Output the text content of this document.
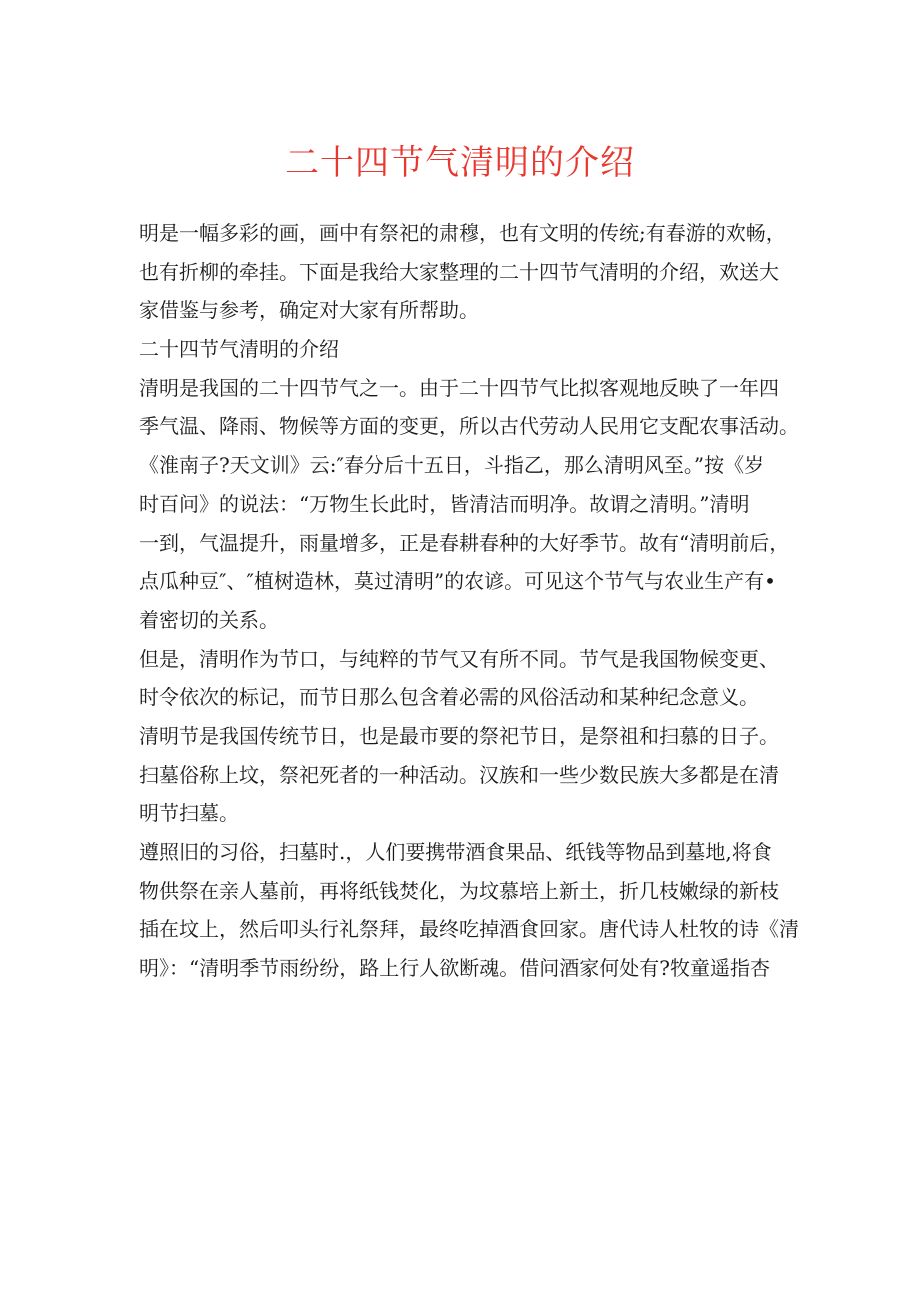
二十四节气清明的介绍
明是一幅多彩的画，画中有祭祀的肃穆，也有文明的传统;有春游的欢畅，
也有折柳的牵挂。下面是我给大家整理的二十四节气清明的介绍，欢送大
家借鉴与参考，确定对大家有所帮助。
二十四节气清明的介绍
清明是我国的二十四节气之一。由于二十四节气比拟客观地反映了一年四
季气温、降雨、物候等方面的变更，所以古代劳动人民用它支配农事活动。
《淮南子?天文训》云:″春分后十五日，斗指乙，那么清明风至。”按《岁
时百问》的说法：“万物生长此时，皆清洁而明净。故谓之清明。”清明
一到，气温提升，雨量增多，正是春耕春种的大好季节。故有“清明前后，
点瓜种豆″、″植树造林，莫过清明”的农谚。可见这个节气与农业生产有•
着密切的关系。
但是，清明作为节口，与纯粹的节气又有所不同。节气是我国物候变更、
时令依次的标记，而节日那么包含着必需的风俗活动和某种纪念意义。
清明节是我国传统节日，也是最市要的祭祀节日，是祭祖和扫慕的日子。
扫墓俗称上坟，祭祀死者的一种活动。汉族和一些少数民族大多都是在清
明节扫墓。
遵照旧的习俗，扫墓时.，人们要携带酒食果品、纸钱等物品到墓地,将食
物供祭在亲人墓前，再将纸钱焚化，为坟慕培上新土，折几枝嫩绿的新枝
插在坟上，然后叩头行礼祭拜，最终吃掉酒食回家。唐代诗人杜牧的诗《清
明》：“清明季节雨纷纷，路上行人欲断魂。借问酒家何处有?牧童遥指杏
